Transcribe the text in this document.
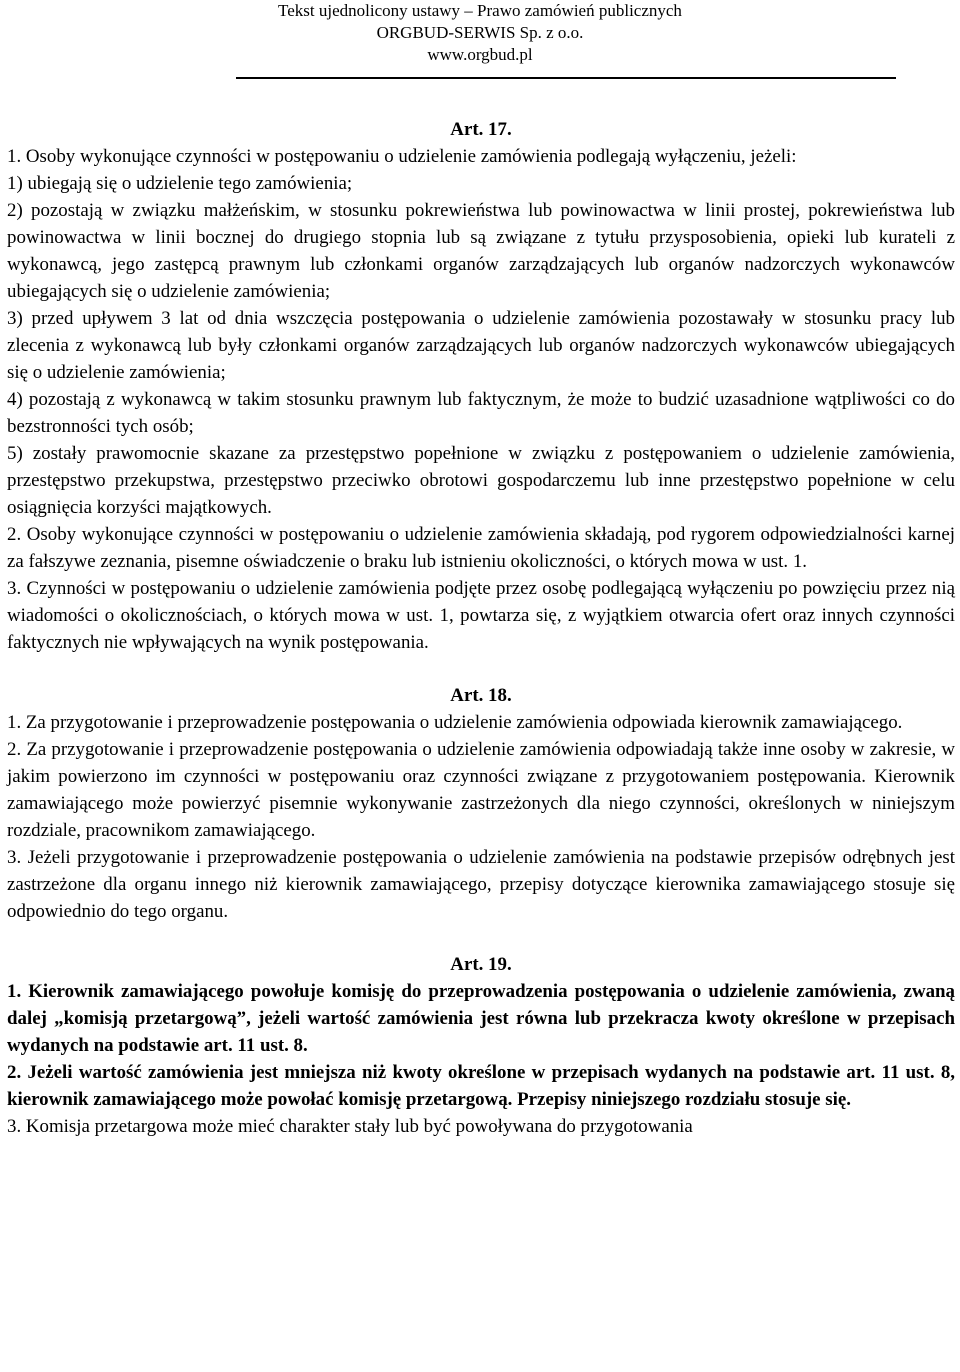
Tekst ujednolicony ustawy – Prawo zamówień publicznych
ORGBUD-SERWIS Sp. z o.o.
www.orgbud.pl

Art. 17.

1. Osoby wykonujące czynności w postępowaniu o udzielenie zamówienia podlegają wyłączeniu, jeżeli:

1) ubiegają się o udzielenie tego zamówienia;

2) pozostają w związku małżeńskim, w stosunku pokrewieństwa lub powinowactwa w linii prostej, pokrewieństwa lub powinowactwa w linii bocznej do drugiego stopnia lub są związane z tytułu przysposobienia, opieki lub kurateli z wykonawcą, jego zastępcą prawnym lub członkami organów zarządzających lub organów nadzorczych wykonawców ubiegających się o udzielenie zamówienia;

3) przed upływem 3 lat od dnia wszczęcia postępowania o udzielenie zamówienia pozostawały w stosunku pracy lub zlecenia z wykonawcą lub były członkami organów zarządzających lub organów nadzorczych wykonawców ubiegających się o udzielenie zamówienia;

4) pozostają z wykonawcą w takim stosunku prawnym lub faktycznym, że może to budzić uzasadnione wątpliwości co do bezstronności tych osób;

5) zostały prawomocnie skazane za przestępstwo popełnione w związku z postępowaniem o udzielenie zamówienia, przestępstwo przekupstwa, przestępstwo przeciwko obrotowi gospodarczemu lub inne przestępstwo popełnione w celu osiągnięcia korzyści majątkowych.

2. Osoby wykonujące czynności w postępowaniu o udzielenie zamówienia składają, pod rygorem odpowiedzialności karnej za fałszywe zeznania, pisemne oświadczenie o braku lub istnieniu okoliczności, o których mowa w ust. 1.

3. Czynności w postępowaniu o udzielenie zamówienia podjęte przez osobę podlegającą wyłączeniu po powzięciu przez nią wiadomości o okolicznościach, o których mowa w ust. 1, powtarza się, z wyjątkiem otwarcia ofert oraz innych czynności faktycznych nie wpływających na wynik postępowania.

Art. 18.

1. Za przygotowanie i przeprowadzenie postępowania o udzielenie zamówienia odpowiada kierownik zamawiającego.

2. Za przygotowanie i przeprowadzenie postępowania o udzielenie zamówienia odpowiadają także inne osoby w zakresie, w jakim powierzono im czynności w postępowaniu oraz czynności związane z przygotowaniem postępowania. Kierownik zamawiającego może powierzyć pisemnie wykonywanie zastrzeżonych dla niego czynności, określonych w niniejszym rozdziale, pracownikom zamawiającego.

3. Jeżeli przygotowanie i przeprowadzenie postępowania o udzielenie zamówienia na podstawie przepisów odrębnych jest zastrzeżone dla organu innego niż kierownik zamawiającego, przepisy dotyczące kierownika zamawiającego stosuje się odpowiednio do tego organu.

Art. 19.

1. Kierownik zamawiającego powołuje komisję do przeprowadzenia postępowania o udzielenie zamówienia, zwaną dalej „komisją przetargową”, jeżeli wartość zamówienia jest równa lub przekracza kwoty określone w przepisach wydanych na podstawie art. 11 ust. 8.

2. Jeżeli wartość zamówienia jest mniejsza niż kwoty określone w przepisach wydanych na podstawie art. 11 ust. 8, kierownik zamawiającego może powołać komisję przetargową. Przepisy niniejszego rozdziału stosuje się.

3. Komisja przetargowa może mieć charakter stały lub być powoływana do przygotowania
